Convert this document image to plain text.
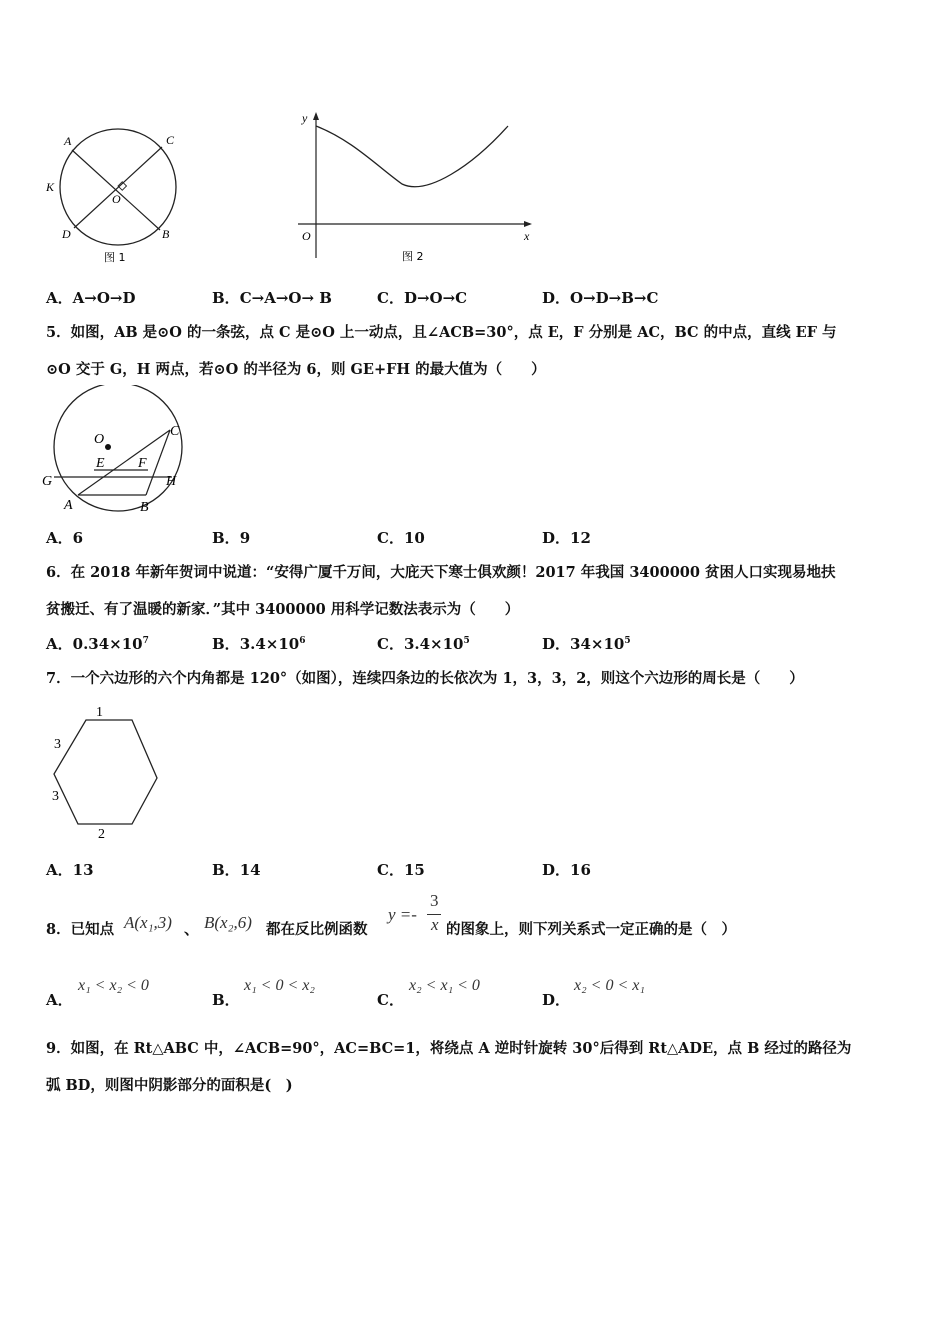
A	C
K
O
D	B
图 1
y
O	x
图 2
A．A→O→D	B．C→A→O→ B	C．D→O→C	D．O→D→B→C
5．如图，AB 是⊙O 的一条弦，点 C 是⊙O 上一动点，且∠ACB=30°，点 E，F 分别是 AC，BC 的中点，直线 EF 与
⊙O 交于 G，H 两点，若⊙O 的半径为 6，则 GE+FH 的最大值为（　　）
O
C
E F
G	H
A	B
A．6	B．9	C．10	D．12
6．在 2018 年新年贺词中说道：“安得广厦千万间，大庇天下寒士俱欢颜！2017 年我国 3400000 贫困人口实现易地扶
贫搬迁、有了温暖的新家．”其中 3400000 用科学记数法表示为（　　）
A．$0.34\times 10^7$	B．$3.4\times 10^6$	C．$3.4\times 10^5$	D．$34\times 10^5$
7．一个六边形的六个内角都是 120°（如图），连续四条边的长依次为 1，3，3，2，则这个六边形的周长是（　　）
1
3
3
2
A．13	B．14	C．15	D．16
8．已知点 A(x₁,3) 、 B(x₂,6) 都在反比例函数
y =-
3
x 的图象上，则下列关系式一定正确的是（　）
A．
x₁ < x₂ < 0
B．
x₁ < 0 < x₂
C．
x₂ < x₁ < 0
D．
x₂ < 0 < x₁
9．如图，在 Rt△ABC 中，∠ACB=90°，AC=BC=1，将绕点 A 逆时针旋转 30°后得到 Rt△ADE，点 B 经过的路径为
弧 BD，则图中阴影部分的面积是(　)
